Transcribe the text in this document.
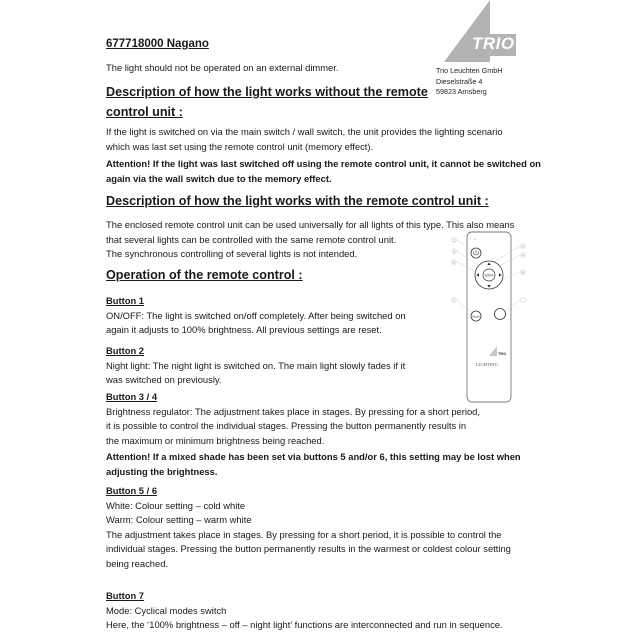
TRIO
Trio Leuchten GmbH
Dieselstraße 4
59823 Arnsberg
677718000 Nagano
The light should not be operated on an external dimmer.
Description of how the light works without the remote
control unit :

If the light is switched on via the main switch / wall switch, the unit provides the lighting scenario

which was last set using the remote control unit (memory effect).

Attention! If the light was last switched off using the remote control unit, it cannot be switched on

again via the wall switch due to the memory effect.

Description of how the light works with the remote control unit :

The enclosed remote control unit can be used universally for all lights of this type. This also means

that several lights can be controlled with the same remote control unit.

The synchronous controlling of several lights is not intended.

Operation of the remote control :

Button 1

ON/OFF: The light is switched on/off completely. After being switched on

again it adjusts to 100% brightness. All previous settings are reset.

Button 2

Night light: The night light is switched on. The main light slowly fades if it

was switched on previously.

Button 3 / 4

Brightness regulator: The adjustment takes place in stages. By pressing for a short period,

it is possible to control the individual stages. Pressing the button permanently results in

the maximum or minimum brightness being reached.

Attention! If a mixed shade has been set via buttons 5 and/or 6, this setting may be lost when

adjusting the brightness.

Button 5 / 6

White: Colour setting – cold white

Warm: Colour setting – warm white

The adjustment takes place in stages. By pressing for a short period, it is possible to control the

individual stages. Pressing the button permanently results in the warmest or coldest colour setting

being reached.

Button 7

Mode: Cyclical modes switch

Here, the ‘100% brightness – off – night light’ functions are interconnected and run in sequence.

100%
Mode
TRIO
LIGHTING
1
3
5
7
2
4
6
